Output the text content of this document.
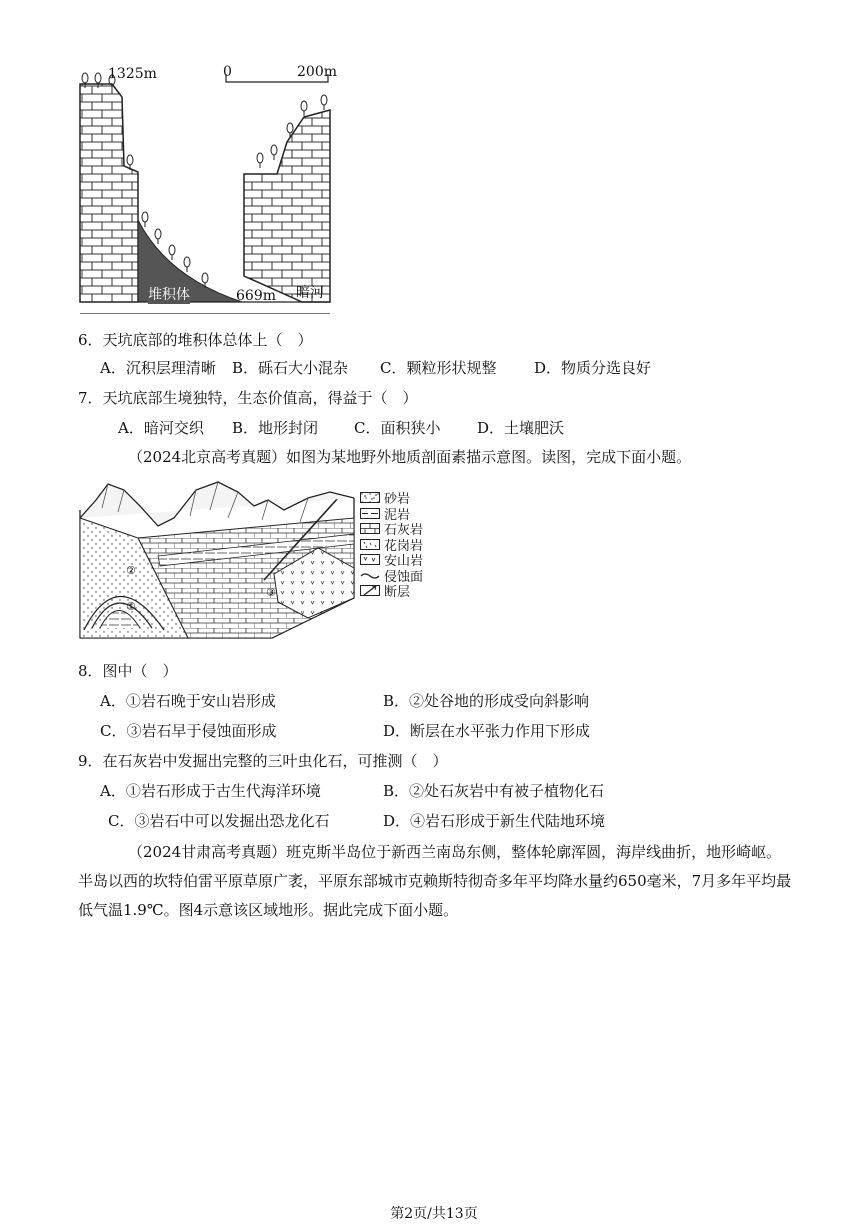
1325m	0	200m
堆积体	669m 暗河
6．天坑底部的堆积体总体上（　）
A．沉积层理清晰 B．砾石大小混杂 C．颗粒形状规整	D．物质分选良好
7．天坑底部生境独特，生态价值高，得益于（　）
A．暗河交织 B．地形封闭 C．面积狭小 D．土壤肥沃
（2024北京高考真题）如图为某地野外地质剖面素描示意图。读图，完成下面小题。
①
②
③
砂岩
泥岩
石灰岩
花岗岩
安山岩
侵蚀面
断层
8．图中（　）
A．①岩石晚于安山岩形成	B．②处谷地的形成受向斜影响
C．③岩石早于侵蚀面形成	D．断层在水平张力作用下形成
9．在石灰岩中发掘出完整的三叶虫化石，可推测（　）
A．①岩石形成于古生代海洋环境	B．②处石灰岩中有被子植物化石
C．③岩石中可以发掘出恐龙化石	D．④岩石形成于新生代陆地环境
（2024甘肃高考真题）班克斯半岛位于新西兰南岛东侧，整体轮廓浑圆，海岸线曲折，地形崎岖。半岛以西的坎特伯雷平原草原广袤，平原东部城市克赖斯特彻奇多年平均降水量约650毫米，7月多年平均最低气温1.9℃。图4示意该区域地形。据此完成下面小题。
第2页/共13页
